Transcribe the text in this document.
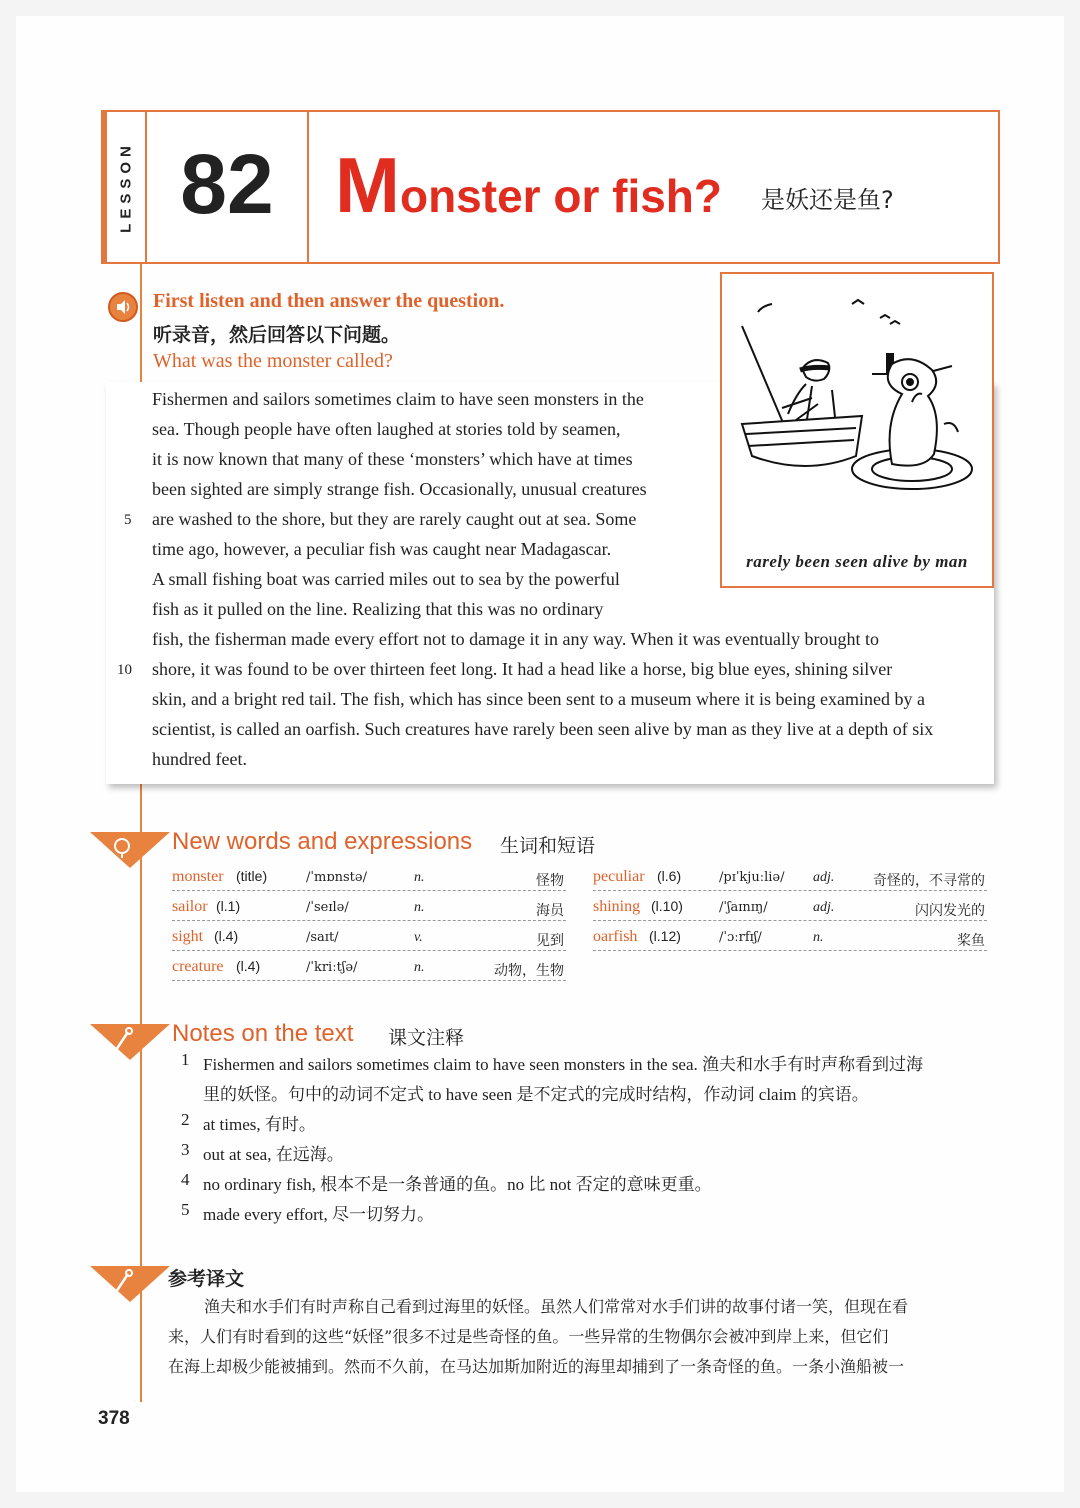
LESSON 82 Monster or fish? 是妖还是鱼?
First listen and then answer the question.
听录音，然后回答以下问题。
What was the monster called?
Fishermen and sailors sometimes claim to have seen monsters in the
sea. Though people have often laughed at stories told by seamen,
it is now known that many of these ‘monsters’ which have at times
been sighted are simply strange fish. Occasionally, unusual creatures
are washed to the shore, but they are rarely caught out at sea. Some
time ago, however, a peculiar fish was caught near Madagascar.
A small fishing boat was carried miles out to sea by the powerful
fish as it pulled on the line. Realizing that this was no ordinary
fish, the fisherman made every effort not to damage it in any way. When it was eventually brought to
shore, it was found to be over thirteen feet long. It had a head like a horse, big blue eyes, shining silver
skin, and a bright red tail. The fish, which has since been sent to a museum where it is being examined by a
scientist, is called an oarfish. Such creatures have rarely been seen alive by man as they live at a depth of six
hundred feet.
5
10
rarely been seen alive by man
New words and expressions 生词和短语
monster (title)	/ˈmɒnstə/	n.	怪物
sailor (l.1)	/ˈseɪlə/	n.	海员
sight (l.4)	/saɪt/	v.	见到
creature (l.4)	/ˈkriːtʃə/	n.	动物，生物
peculiar (l.6)	/pɪˈkjuːliə/ adj.	奇怪的，不寻常的
shining (l.10)	/ˈʃaɪnɪŋ/	adj.	闪闪发光的
oarfish (l.12)	/ˈɔːrfɪʃ/	n.	桨鱼
Notes on the text 课文注释
1 Fishermen and sailors sometimes claim to have seen monsters in the sea. 渔夫和水手有时声称看到过海
里的妖怪。句中的动词不定式 to have seen 是不定式的完成时结构，作动词 claim 的宾语。
2 at times, 有时。
3 out at sea, 在远海。
4 no ordinary fish, 根本不是一条普通的鱼。no 比 not 否定的意味更重。
5 made every effort, 尽一切努力。
参考译文
渔夫和水手们有时声称自己看到过海里的妖怪。虽然人们常常对水手们讲的故事付诸一笑，但现在看
来，人们有时看到的这些“妖怪”很多不过是些奇怪的鱼。一些异常的生物偶尔会被冲到岸上来，但它们
在海上却极少能被捕到。然而不久前，在马达加斯加附近的海里却捕到了一条奇怪的鱼。一条小渔船被一
378
